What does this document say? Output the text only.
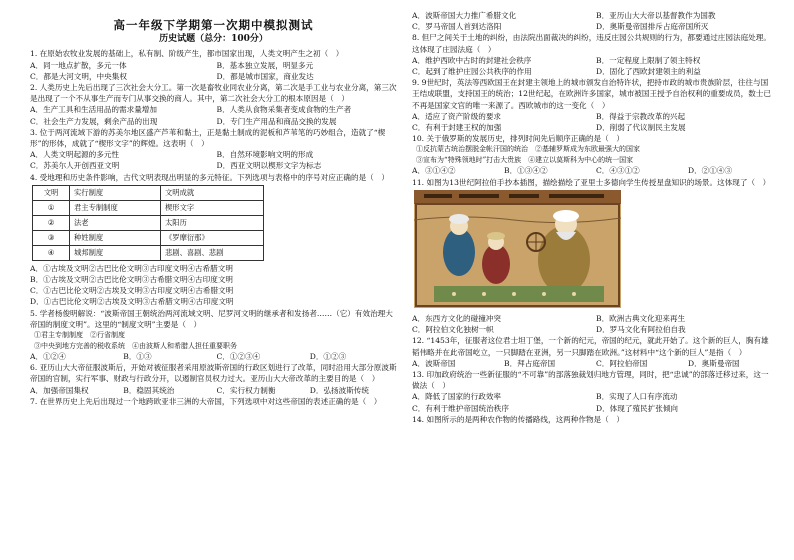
高一年级下学期第一次期中模拟测试
历史试题（总分：100分）

1. 在原始农牧业发展的基础上，私有制、阶级产生，都市国家出现，人类文明产生之初（　）

A．同一地点扩散，多元一体	B．基本独立发展，明显多元
C．都是大河文明，中央集权	D．都是城市国家，商业发达

2. 人类历史上先后出现了三次社会大分工。第一次是畜牧业同农业分离，第二次是手工业与农业分离，第三次是出现了一个不从事生产而专门从事交换的商人。其中，第二次社会大分工的根本原因是（　）

A．生产工具和生活用品的需求量增加	B．人类从食物采集者变成食物的生产者
C．社会生产力发展，剩余产品的出现	D．专门生产用品和商品交换的发展

3. 位于两河流域下游的苏美尔地区盛产芦苇和黏土，正是黏土制成的泥板和芦苇笔的巧妙组合，造就了“楔形”的形体，成就了“楔形文字”的辉煌。这表明（　）

A．人类文明起源的多元性	B．自然环境影响文明的形成
C．苏美尔人开创西亚文明	D．西亚文明以楔形文字为标志

4. 受地理和历史条件影响，古代文明表现出明显的多元特征。下列选项与表格中的序号对应正确的是（　）

文明	实行制度	文明成就
①	君主专制制度	楔形文字
②	法老	太阳历
③	种姓制度	《罗摩衍那》
④	城邦制度	悲剧、喜剧、悲剧
A．①古埃及文明②古巴比伦文明③古印度文明④古希腊文明
B．①古埃及文明②古巴比伦文明③古希腊文明④古印度文明
C．①古巴比伦文明②古埃及文明③古印度文明④古希腊文明
D．①古巴比伦文明②古埃及文明③古希腊文明④古印度文明

5. 学者杨俊明解说：“波斯帝国王朝统治两河流域文明、尼罗河文明的继承者和发扬者……（它）有效治理大帝国的制度文明”。这里的“制度文明”主要是（　）

①君主专制制度　②行省制度
③中央到地方完善的税收系统　④由波斯人和希腊人担任重要职务
A．①②④	B．①③	C．①②③④	D．①②③

6. 亚历山大大帝征服波斯后，开始对被征服者采用原波斯帝国的行政区划进行了改革，同时沿用大部分原波斯帝国的官制，实行军事、财政与行政分开，以遏制官员权力过大。亚历山大大帝改革的主要目的是（　）

A．加强帝国集权	B．稳固其统治	C．实行权力制衡	D．弘扬波斯传统

7. 在世界历史上先后出现过一个地跨欧亚非三洲的大帝国，下列选项中对这些帝国的表述正确的是（　）

A．波斯帝国大力推广希腊文化	B．亚历山大大帝以基督教作为国教
C．罗马帝国人首到达洛阳	D．奥斯曼帝国排斥占庭帝国所灭

8. 但尸之间关于土地的纠纷，由法院出面裁决的纠纷，违反庄园公共规则的行为，都要通过庄园法庭处理。这体现了庄园法庭（　）

A．维护西欧中古时的封建社会秩序	B．一定程度上限制了领主特权
C．起到了维护庄园公共秩序的作用	D．固化了西欧封建领主的利益

9. 9世纪时，英法等西欧国王在封建主领地上的城市颁发自治特许状，把持市政的城市贵族阶层，往往与国王结成联盟，支持国王的统治；12世纪起，在欧洲许多国家，城市被国王授予自治权利的重要成员，数士已不再是国家文官的唯一来源了。西欧城市的这一变化（　）

A．适应了资产阶级的要求	B．得益于宗教改革的兴起
C．有利于封建王权的加强	D．削弱了代议制民主发展

10. 关于俄罗斯的发展历史，排列时间先后顺序正确的是（　）

①反抗蒙古统治摆脱金帐汗国的统治　②基辅罗斯成为东欧最强大的国家
③宣布为“特殊领地时”打击大贵族　④建立以莫斯科为中心的统一国家
A．③①④②	B．①③④②	C．④③①②	D．②①④③

11. 如图为13世纪阿拉伯手抄本插图，描绘描绘了亚里士多德向学生传授星盘知识的场景。这体现了（　）

A．东西方文化的碰撞冲突	B．欧洲古典文化迎来再生
C．阿拉伯文化独树一帜	D．罗马文化有阿拉伯自我

12. “1453年，征服者这位君士坦丁堡，一个新的纪元，帝国的纪元，就此开始了。这个新的巨人，胸有雄韬伟略并在此帝国屹立，一只脚踏在亚洲，另一只脚踏在欧洲。”这材料中“这个新的巨人”是指（　）

A．波斯帝国	B．拜占庭帝国	C．阿拉伯帝国	D．奥斯曼帝国

13. 印加政府统治一些新征服的“不可靠”的部落独裁划归地方管理，同时，把“忠诚”的部落迁移过来，这一做法（　）

A．降低了国家的行政效率	B．实现了人口有序流动
C．有利于维护帝国统治秩序	D．体现了殖民扩张倾向

14. 如图所示的是两种农作物的传播路线，这两种作物是（　）
